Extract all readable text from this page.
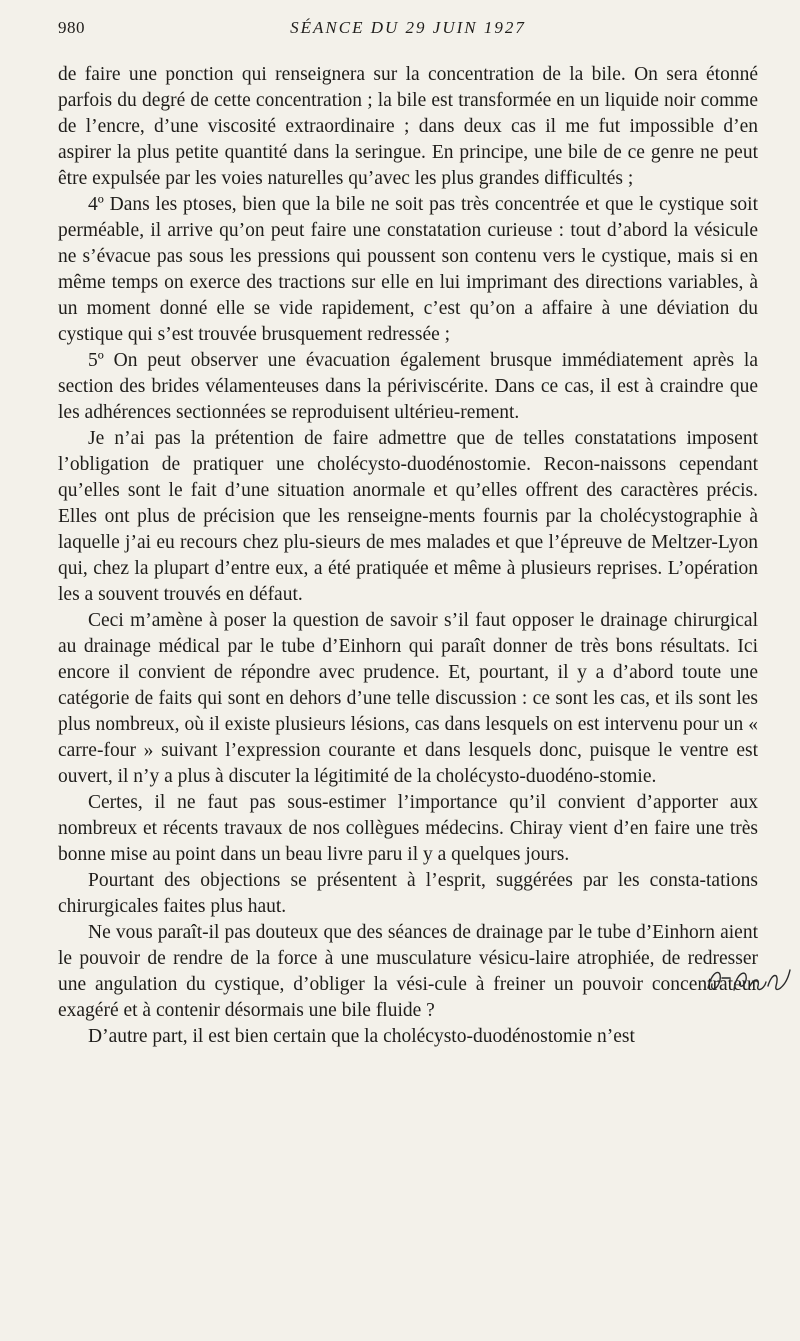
980	SÉANCE DU 29 JUIN 1927

de faire une ponction qui renseignera sur la concentration de la bile. On sera étonné parfois du degré de cette concentration ; la bile est transformée en un liquide noir comme de l’encre, d’une viscosité extraordinaire ; dans deux cas il me fut impossible d’en aspirer la plus petite quantité dans la seringue. En principe, une bile de ce genre ne peut être expulsée par les voies naturelles qu’avec les plus grandes difficultés ;

4º Dans les ptoses, bien que la bile ne soit pas très concentrée et que le cystique soit perméable, il arrive qu’on peut faire une constatation curieuse : tout d’abord la vésicule ne s’évacue pas sous les pressions qui poussent son contenu vers le cystique, mais si en même temps on exerce des tractions sur elle en lui imprimant des directions variables, à un moment donné elle se vide rapidement, c’est qu’on a affaire à une déviation du cystique qui s’est trouvée brusquement redressée ;

5º On peut observer une évacuation également brusque immédiatement après la section des brides vélamenteuses dans la périviscérite. Dans ce cas, il est à craindre que les adhérences sectionnées se reproduisent ultérieu-rement.

Je n’ai pas la prétention de faire admettre que de telles constatations imposent l’obligation de pratiquer une cholécysto-duodénostomie. Recon-naissons cependant qu’elles sont le fait d’une situation anormale et qu’elles offrent des caractères précis. Elles ont plus de précision que les renseigne-ments fournis par la cholécystographie à laquelle j’ai eu recours chez plu-sieurs de mes malades et que l’épreuve de Meltzer-Lyon qui, chez la plupart d’entre eux, a été pratiquée et même à plusieurs reprises. L’opération les a souvent trouvés en défaut.

Ceci m’amène à poser la question de savoir s’il faut opposer le drainage chirurgical au drainage médical par le tube d’Einhorn qui paraît donner de très bons résultats. Ici encore il convient de répondre avec prudence. Et, pourtant, il y a d’abord toute une catégorie de faits qui sont en dehors d’une telle discussion : ce sont les cas, et ils sont les plus nombreux, où il existe plusieurs lésions, cas dans lesquels on est intervenu pour un « carre-four » suivant l’expression courante et dans lesquels donc, puisque le ventre est ouvert, il n’y a plus à discuter la légitimité de la cholécysto-duodéno-stomie.

Certes, il ne faut pas sous-estimer l’importance qu’il convient d’apporter aux nombreux et récents travaux de nos collègues médecins. Chiray vient d’en faire une très bonne mise au point dans un beau livre paru il y a quelques jours.

Pourtant des objections se présentent à l’esprit, suggérées par les consta-tations chirurgicales faites plus haut.

Ne vous paraît-il pas douteux que des séances de drainage par le tube d’Einhorn aient le pouvoir de rendre de la force à une musculature vésicu-laire atrophiée, de redresser une angulation du cystique, d’obliger la vési-cule à freiner un pouvoir concentrateur exagéré et à contenir désormais une bile fluide ?

D’autre part, il est bien certain que la cholécysto-duodénostomie n’est
